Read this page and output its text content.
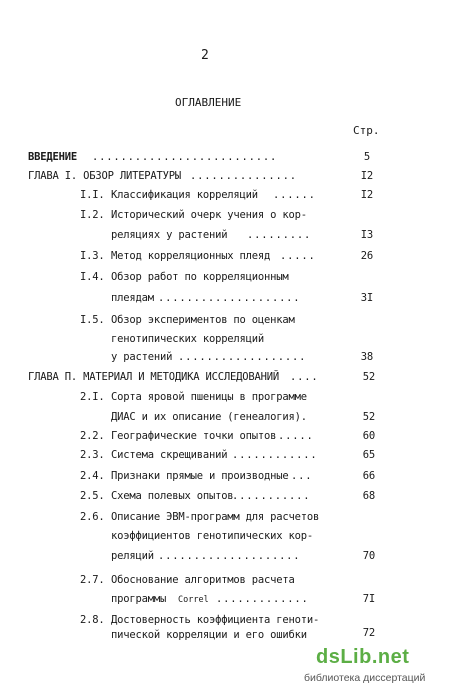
2
ОГЛАВЛЕНИЕ
Стр.
ВВЕДЕНИЕ ..........................	5
ГЛАВА I. ОБЗОР ЛИТЕРАТУРЫ ...............	I2
I.I. Классификация корреляций ......	I2
I.2. Исторический очерк учения о кор-
реляциях у растений .........	I3
I.3. Метод корреляционных плеяд .....	26
I.4. Обзор работ по корреляционным
плеядам ....................	3I
I.5. Обзор экспериментов по оценкам
генотипических корреляций
у растений ..................	38
ГЛАВА П. МАТЕРИАЛ И МЕТОДИКА ИССЛЕДОВАНИЙ ....	52
2.I. Сорта яровой пшеницы в программе
ДИАС и их описание (генеалогия).	52
2.2. Географические точки опытов .....	60
2.3. Система скрещиваний ............	65
2.4. Признаки прямые и производные ...	66
2.5. Схема полевых опытов
...........	68
2.6. Описание ЭВМ-программ для расчетов
коэффициентов генотипических кор-
реляций ....................	70
2.7. Обоснование алгоритмов расчета
программы Correl .............	7I
2.8. Достоверность коэффициента геноти-
пической корреляции и его ошибки	72
dsLib.net
библиотека диссертаций
